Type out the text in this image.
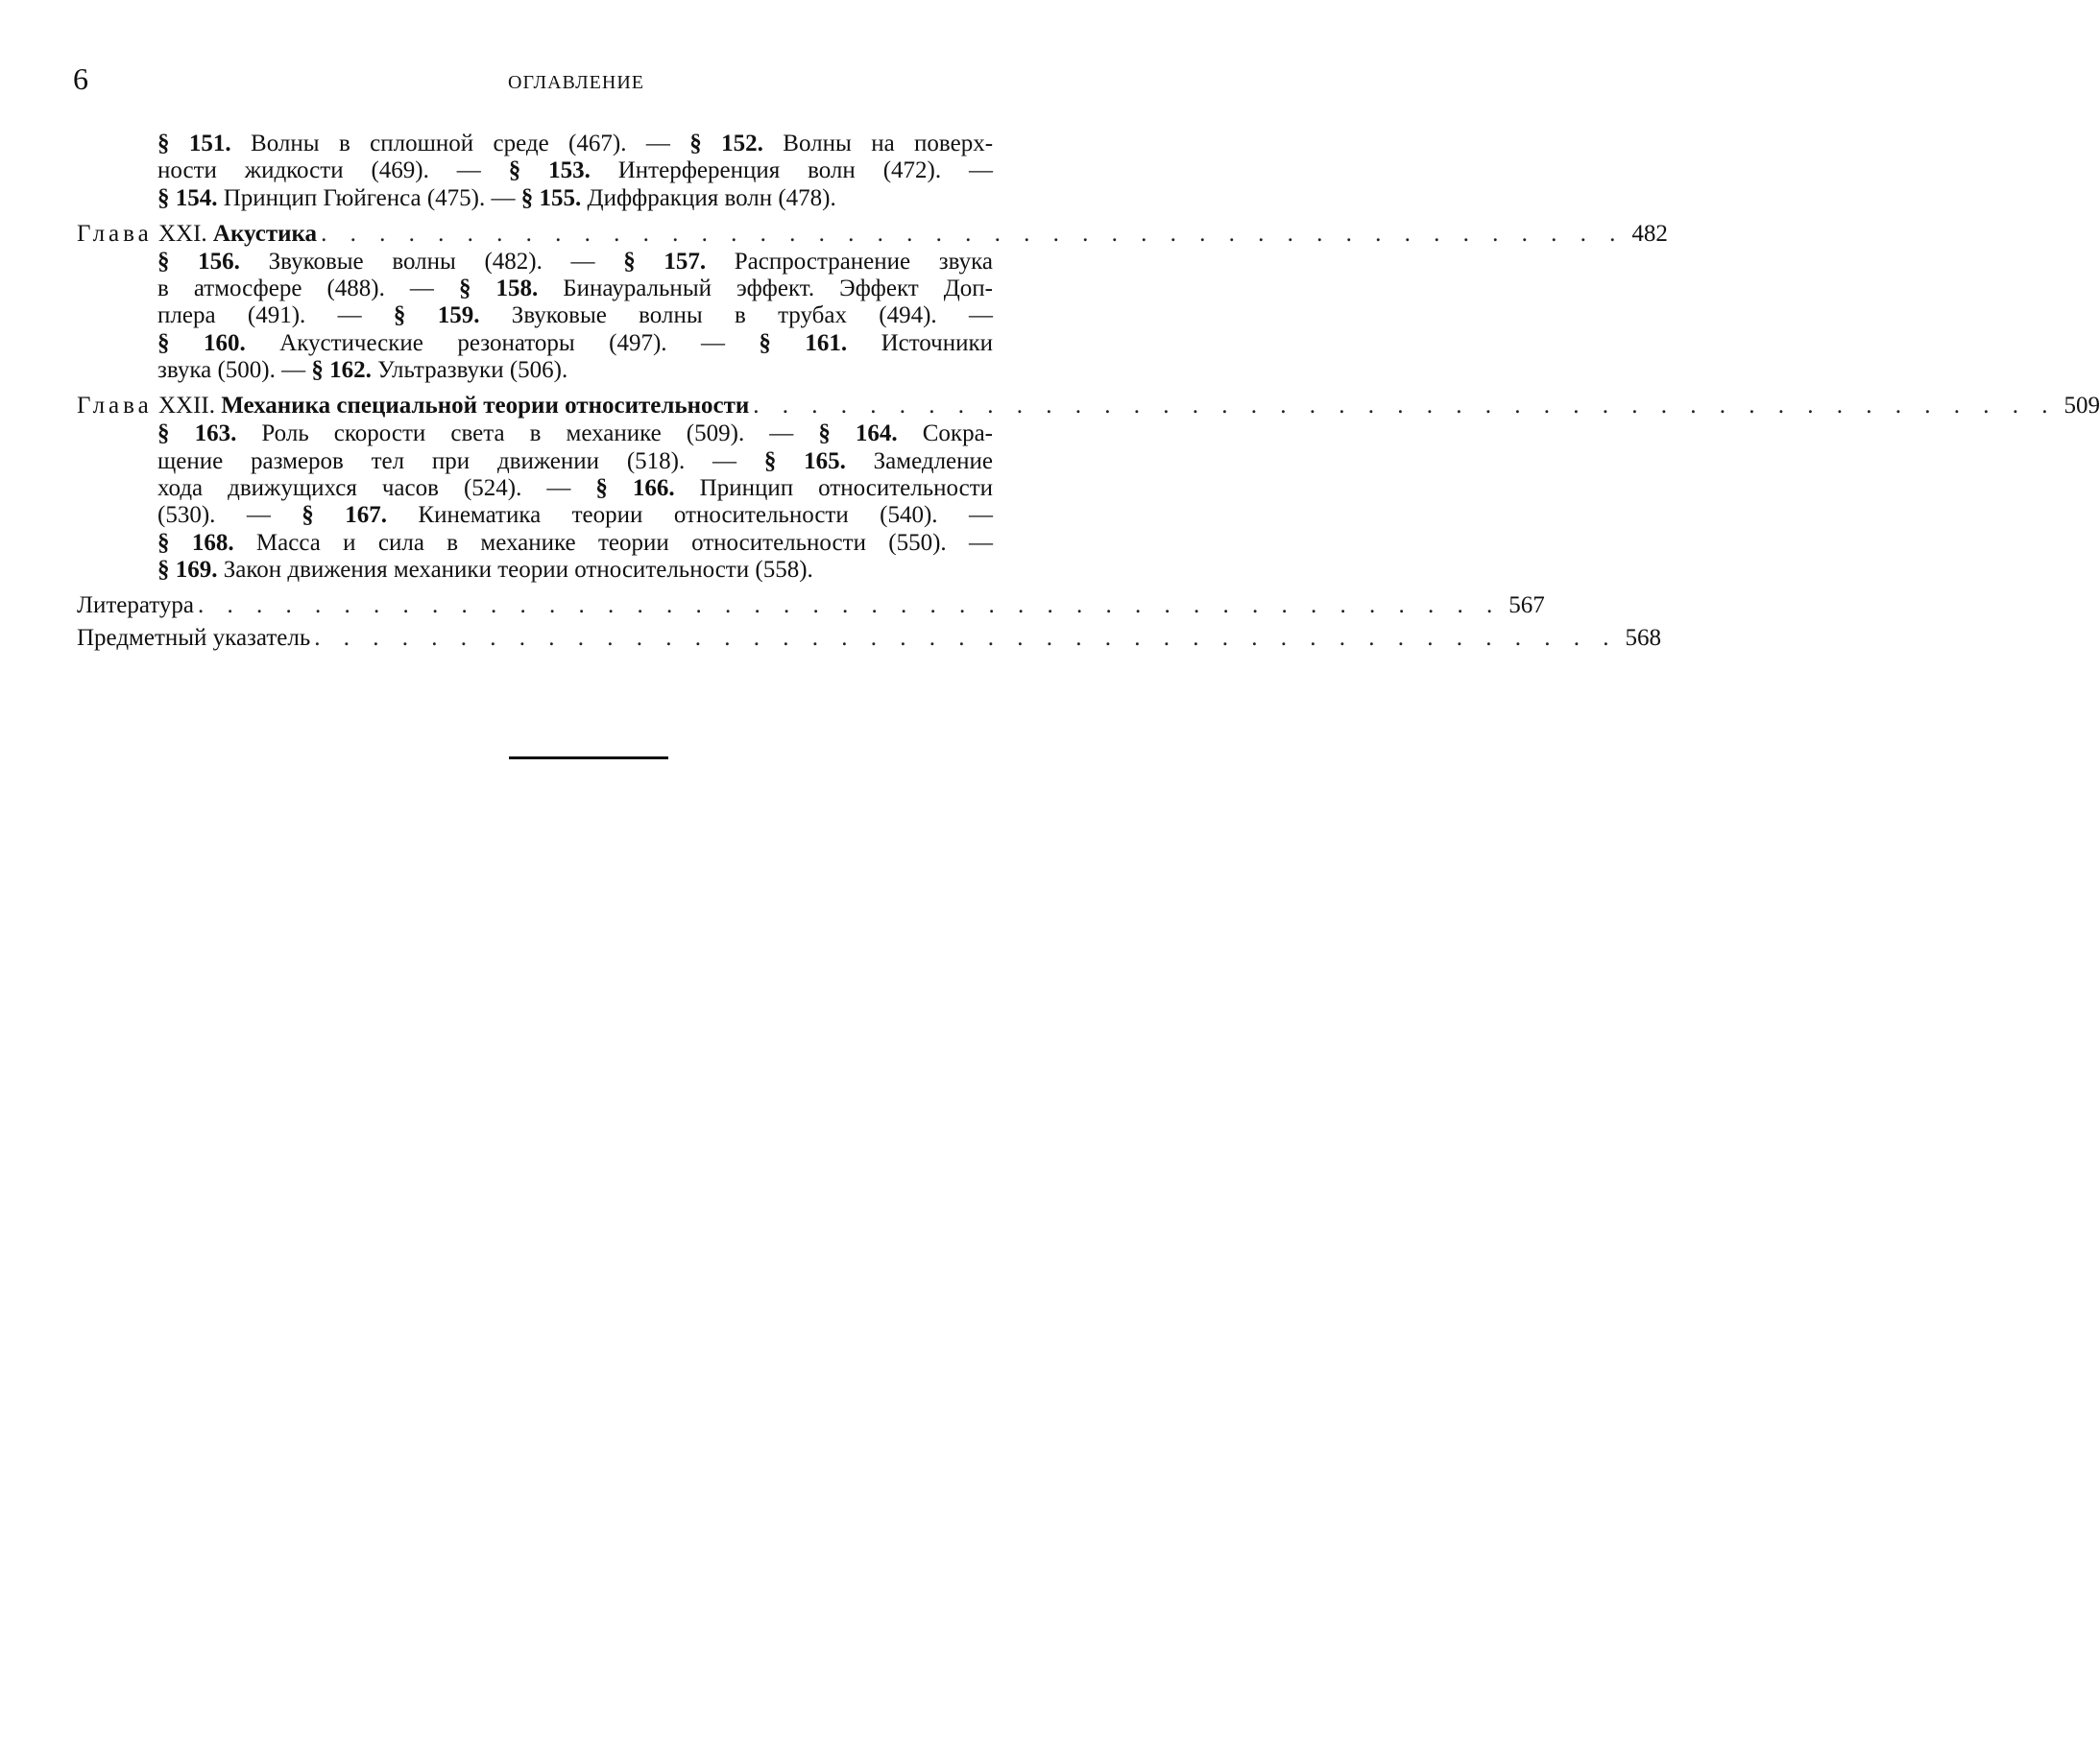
6	ОГЛАВЛЕНИЕ
§ 151. Волны в сплошной среде (467). — § 152. Волны на поверх-
ности жидкости (469). — § 153. Интерференция волн (472). —
§ 154. Принцип Гюйгенса (475). — § 155. Диффракция волн (478).
Глава XXI. Акустика . . . . . . . . . . . . . . . . . . . . . . . . . . . . . . . . . . . . . . . . . . . . . 482
§ 156. Звуковые волны (482). — § 157. Распространение звука
в атмосфере (488). — § 158. Бинауральный эффект. Эффект Доп-
плера (491). — § 159. Звуковые волны в трубах (494). —
§ 160. Акустические резонаторы (497). — § 161. Источники
звука (500). — § 162. Ультразвуки (506).
Глава XXII. Механика специальной теории относительности . . . . . . . . . . . . . . . . . . . . . . . . . . . . . . . . . . . . . . . . . . . . . 509
§ 163. Роль скорости света в механике (509). — § 164. Сокра-
щение размеров тел при движении (518). — § 165. Замедление
хода движущихся часов (524). — § 166. Принцип относительности
(530). — § 167. Кинематика теории относительности (540). —
§ 168. Масса и сила в механике теории относительности (550). —
§ 169. Закон движения механики теории относительности (558).
Литература . . . . . . . . . . . . . . . . . . . . . . . . . . . . . . . . . . . . . . . . . . . . . 567
Предметный указатель . . . . . . . . . . . . . . . . . . . . . . . . . . . . . . . . . . . . . . . . . . . . . 568
